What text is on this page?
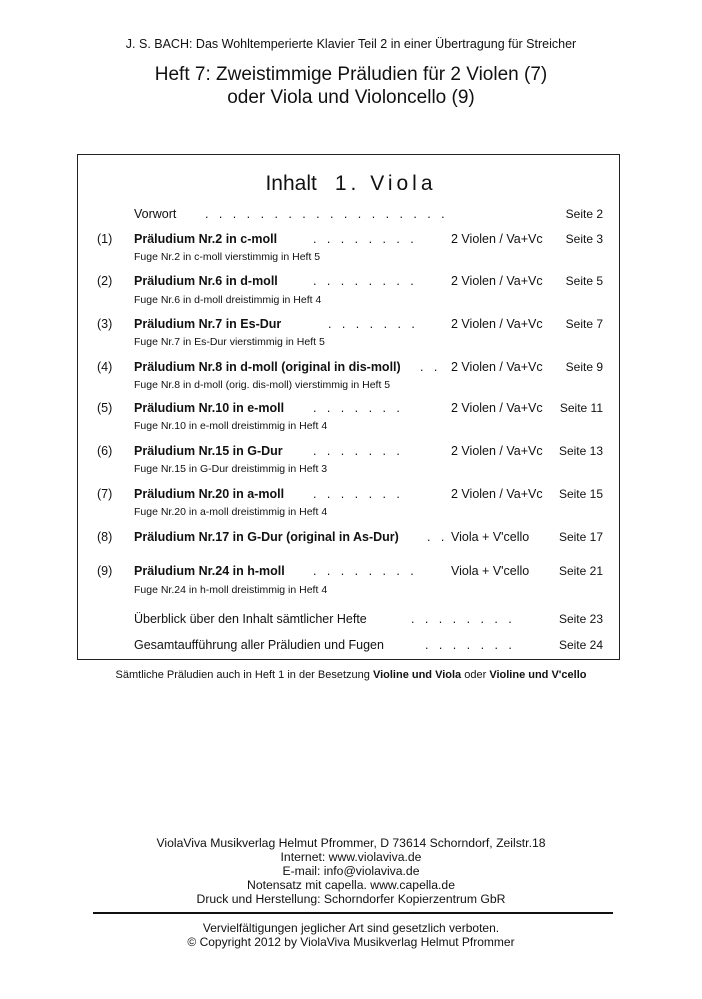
J. S. BACH: Das Wohltemperierte Klavier Teil 2 in einer Übertragung für Streicher
Heft 7: Zweistimmige Präludien für 2 Violen (7)
oder Viola und Violoncello (9)
Inhalt 1. Viola
Vorwort .   .   .   .   .   .   .   .   .   .   .   .   .   .   .   .   .   .	Seite 2
(1) Präludium Nr.2 in c-moll	.   .   .   .   .   .   .   .	2 Violen / Va+Vc Seite 3
Fuge Nr.2 in c-moll vierstimmig in Heft 5
(2) Präludium Nr.6 in d-moll	.   .   .   .   .   .   .   .	2 Violen / Va+Vc Seite 5
Fuge Nr.6 in d-moll dreistimmig in Heft 4
(3) Präludium Nr.7 in Es-Dur	.   .   .   .   .   .   .	2 Violen / Va+Vc Seite 7
Fuge Nr.7 in Es-Dur vierstimmig in Heft 5
(4) Präludium Nr.8 in d-moll (original in dis-moll) .   . 2 Violen / Va+Vc Seite 9
Fuge Nr.8 in d-moll (orig. dis-moll) vierstimmig in Heft 5
(5) Präludium Nr.10 in e-moll .   .   .   .   .   .   .	2 Violen / Va+Vc Seite 11
Fuge Nr.10 in e-moll dreistimmig in Heft 4
(6) Präludium Nr.15 in G-Dur .   .   .   .   .   .   .	2 Violen / Va+Vc Seite 13
Fuge Nr.15 in G-Dur dreistimmig in Heft 3
(7) Präludium Nr.20 in a-moll .   .   .   .   .   .   .	2 Violen / Va+Vc Seite 15
Fuge Nr.20 in a-moll dreistimmig in Heft 4
(8) Präludium Nr.17 in G-Dur (original in As-Dur) .   . Viola + V'cello Seite 17
(9) Präludium Nr.24 in h-moll .   .   .   .   .   .   .   .	Viola + V'cello Seite 21
Fuge Nr.24 in h-moll dreistimmig in Heft 4
Überblick über den Inhalt sämtlicher Hefte	.   .   .   .   .   .   .   .	Seite 23
Gesamtaufführung aller Präludien und Fugen	.   .   .   .   .   .   .	Seite 24
Sämtliche Präludien auch in Heft 1 in der Besetzung Violine und Viola oder Violine und V'cello
ViolaViva Musikverlag Helmut Pfrommer, D 73614 Schorndorf, Zeilstr.18
Internet: www.violaviva.de
E-mail: info@violaviva.de
Notensatz mit capella. www.capella.de
Druck und Herstellung: Schorndorfer Kopierzentrum GbR
Vervielfältigungen jeglicher Art sind gesetzlich verboten.
© Copyright 2012 by ViolaViva Musikverlag Helmut Pfrommer
